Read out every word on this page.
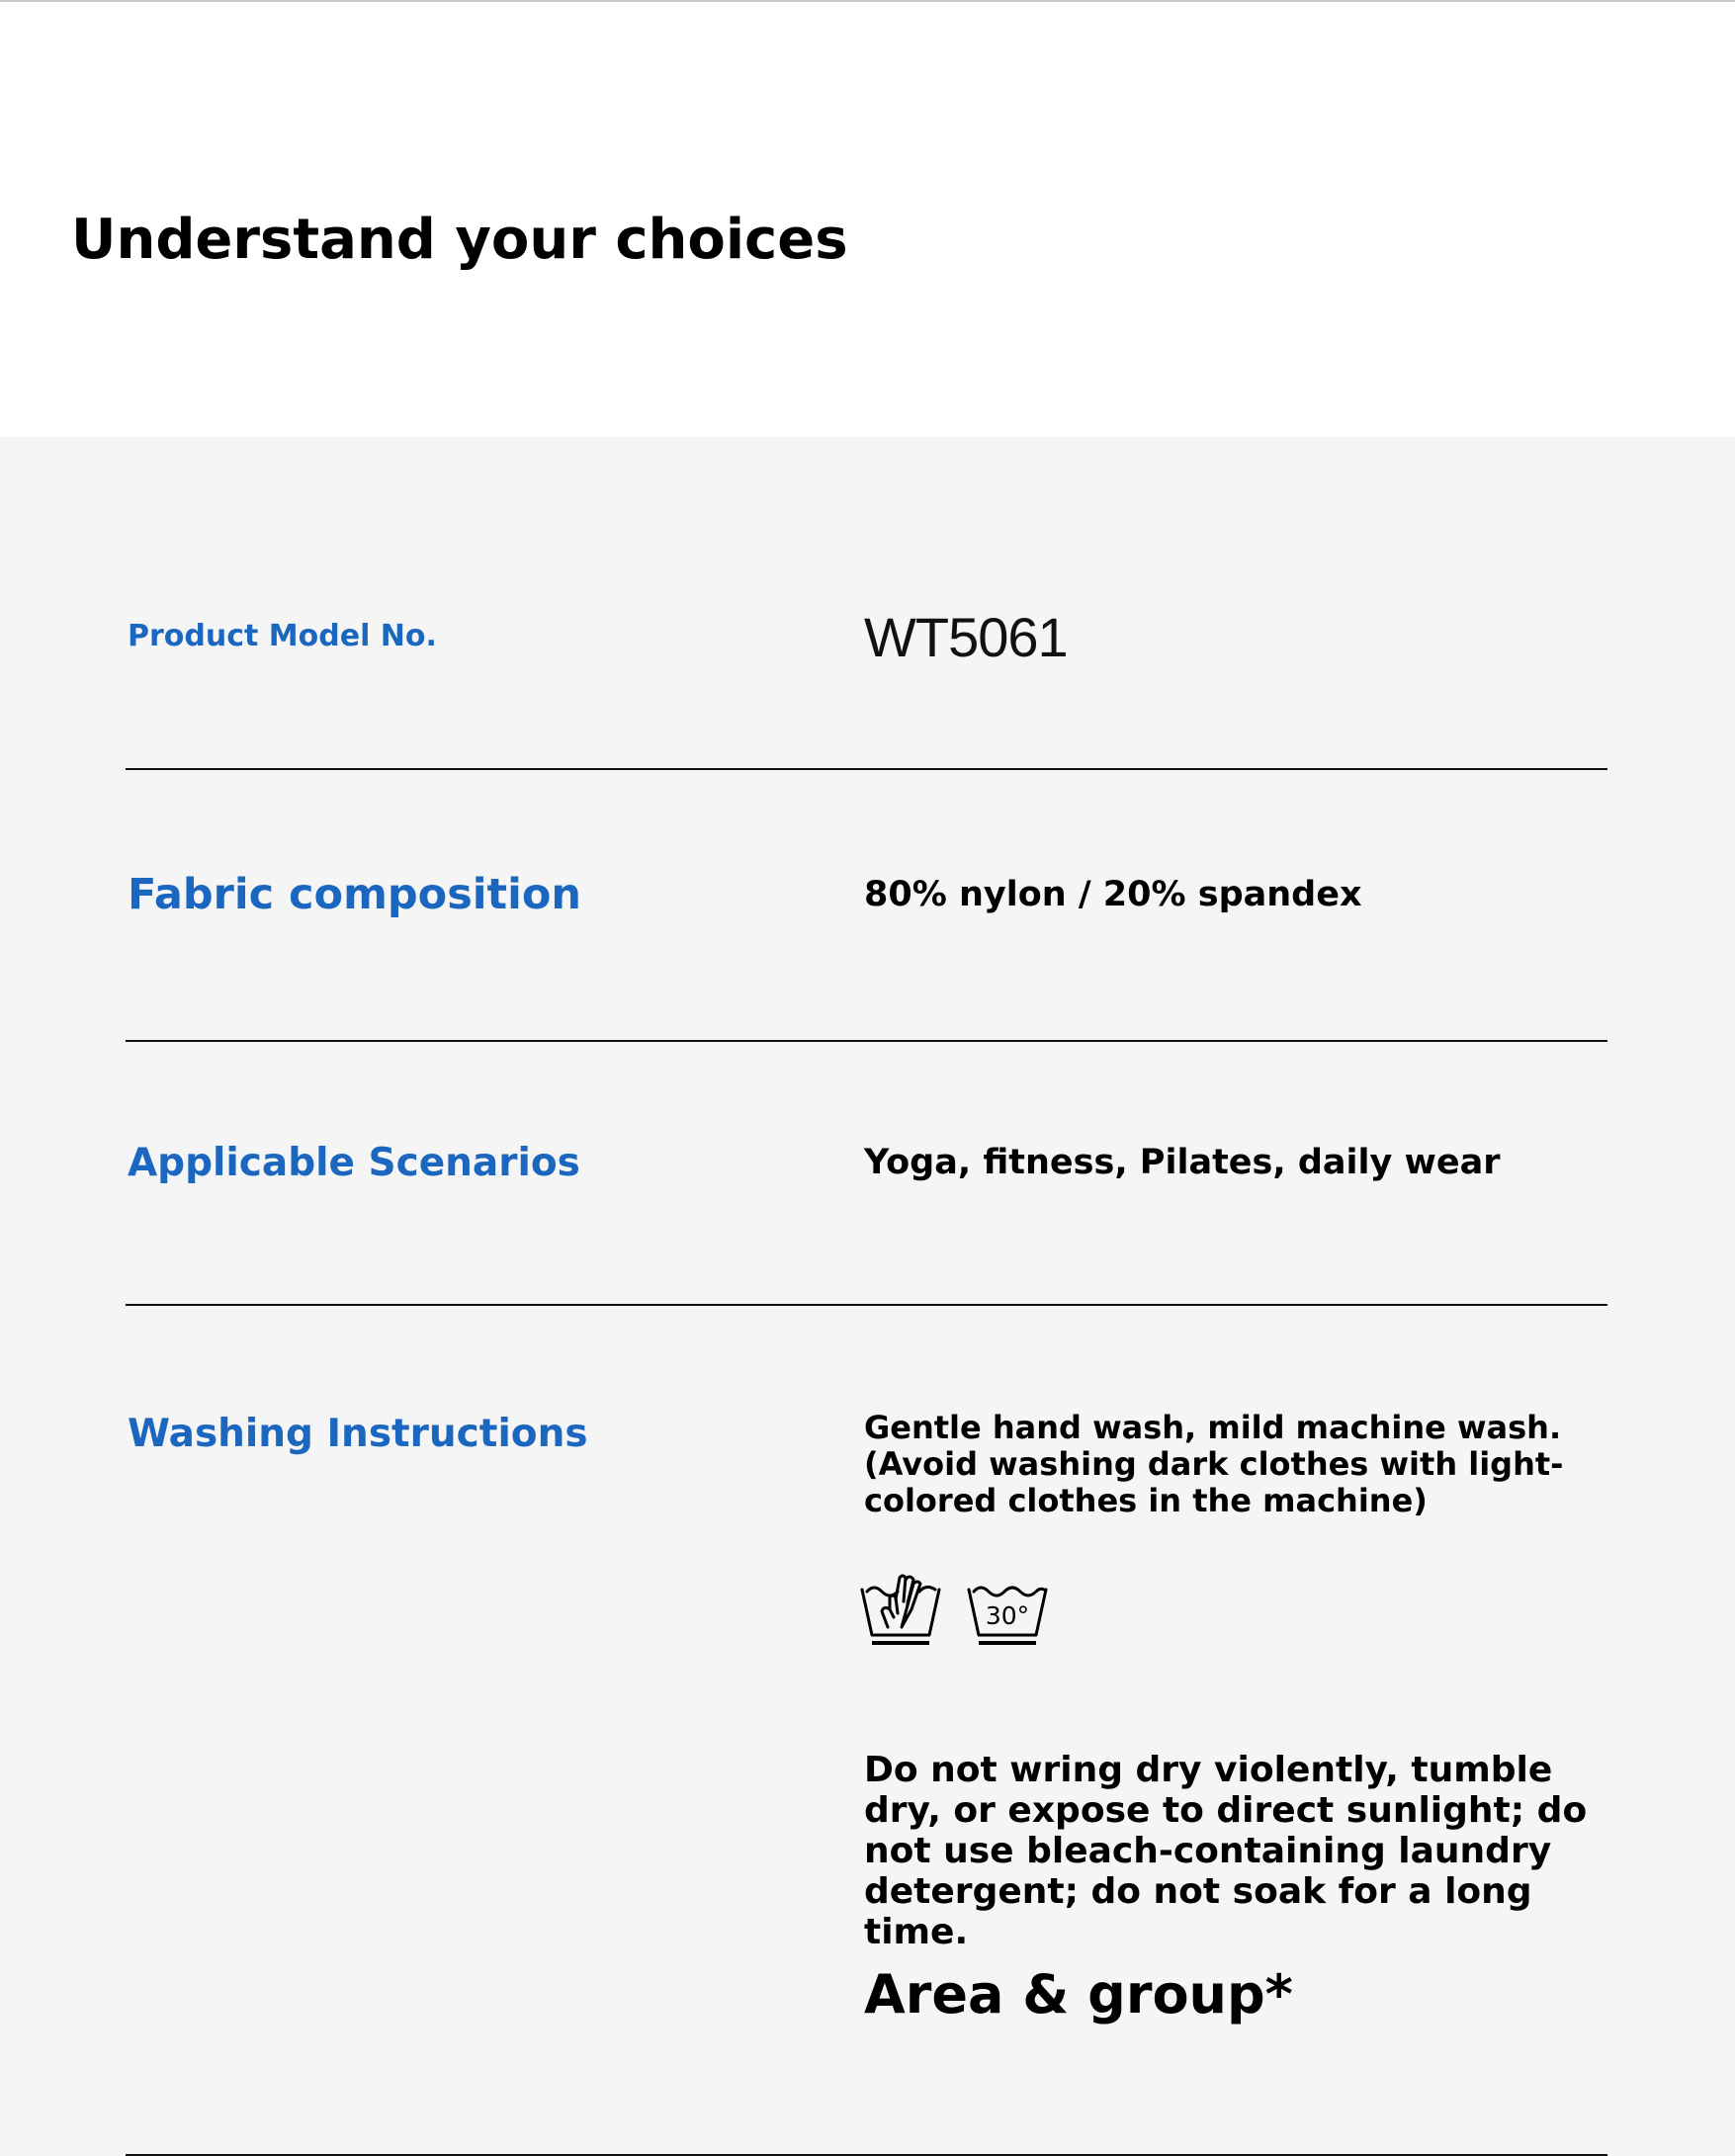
Understand your choices
Product Model No.	WT5061
Fabric composition	80% nylon / 20% spandex
Applicable Scenarios	Yoga, fitness, Pilates, daily wear
Washing Instructions	Gentle hand wash, mild machine wash. (Avoid washing dark clothes with light-colored clothes in the machine)
30°
Do not wring dry violently, tumble dry, or expose to direct sunlight; do not use bleach-containing laundry detergent; do not soak for a long time.
Area & group*
